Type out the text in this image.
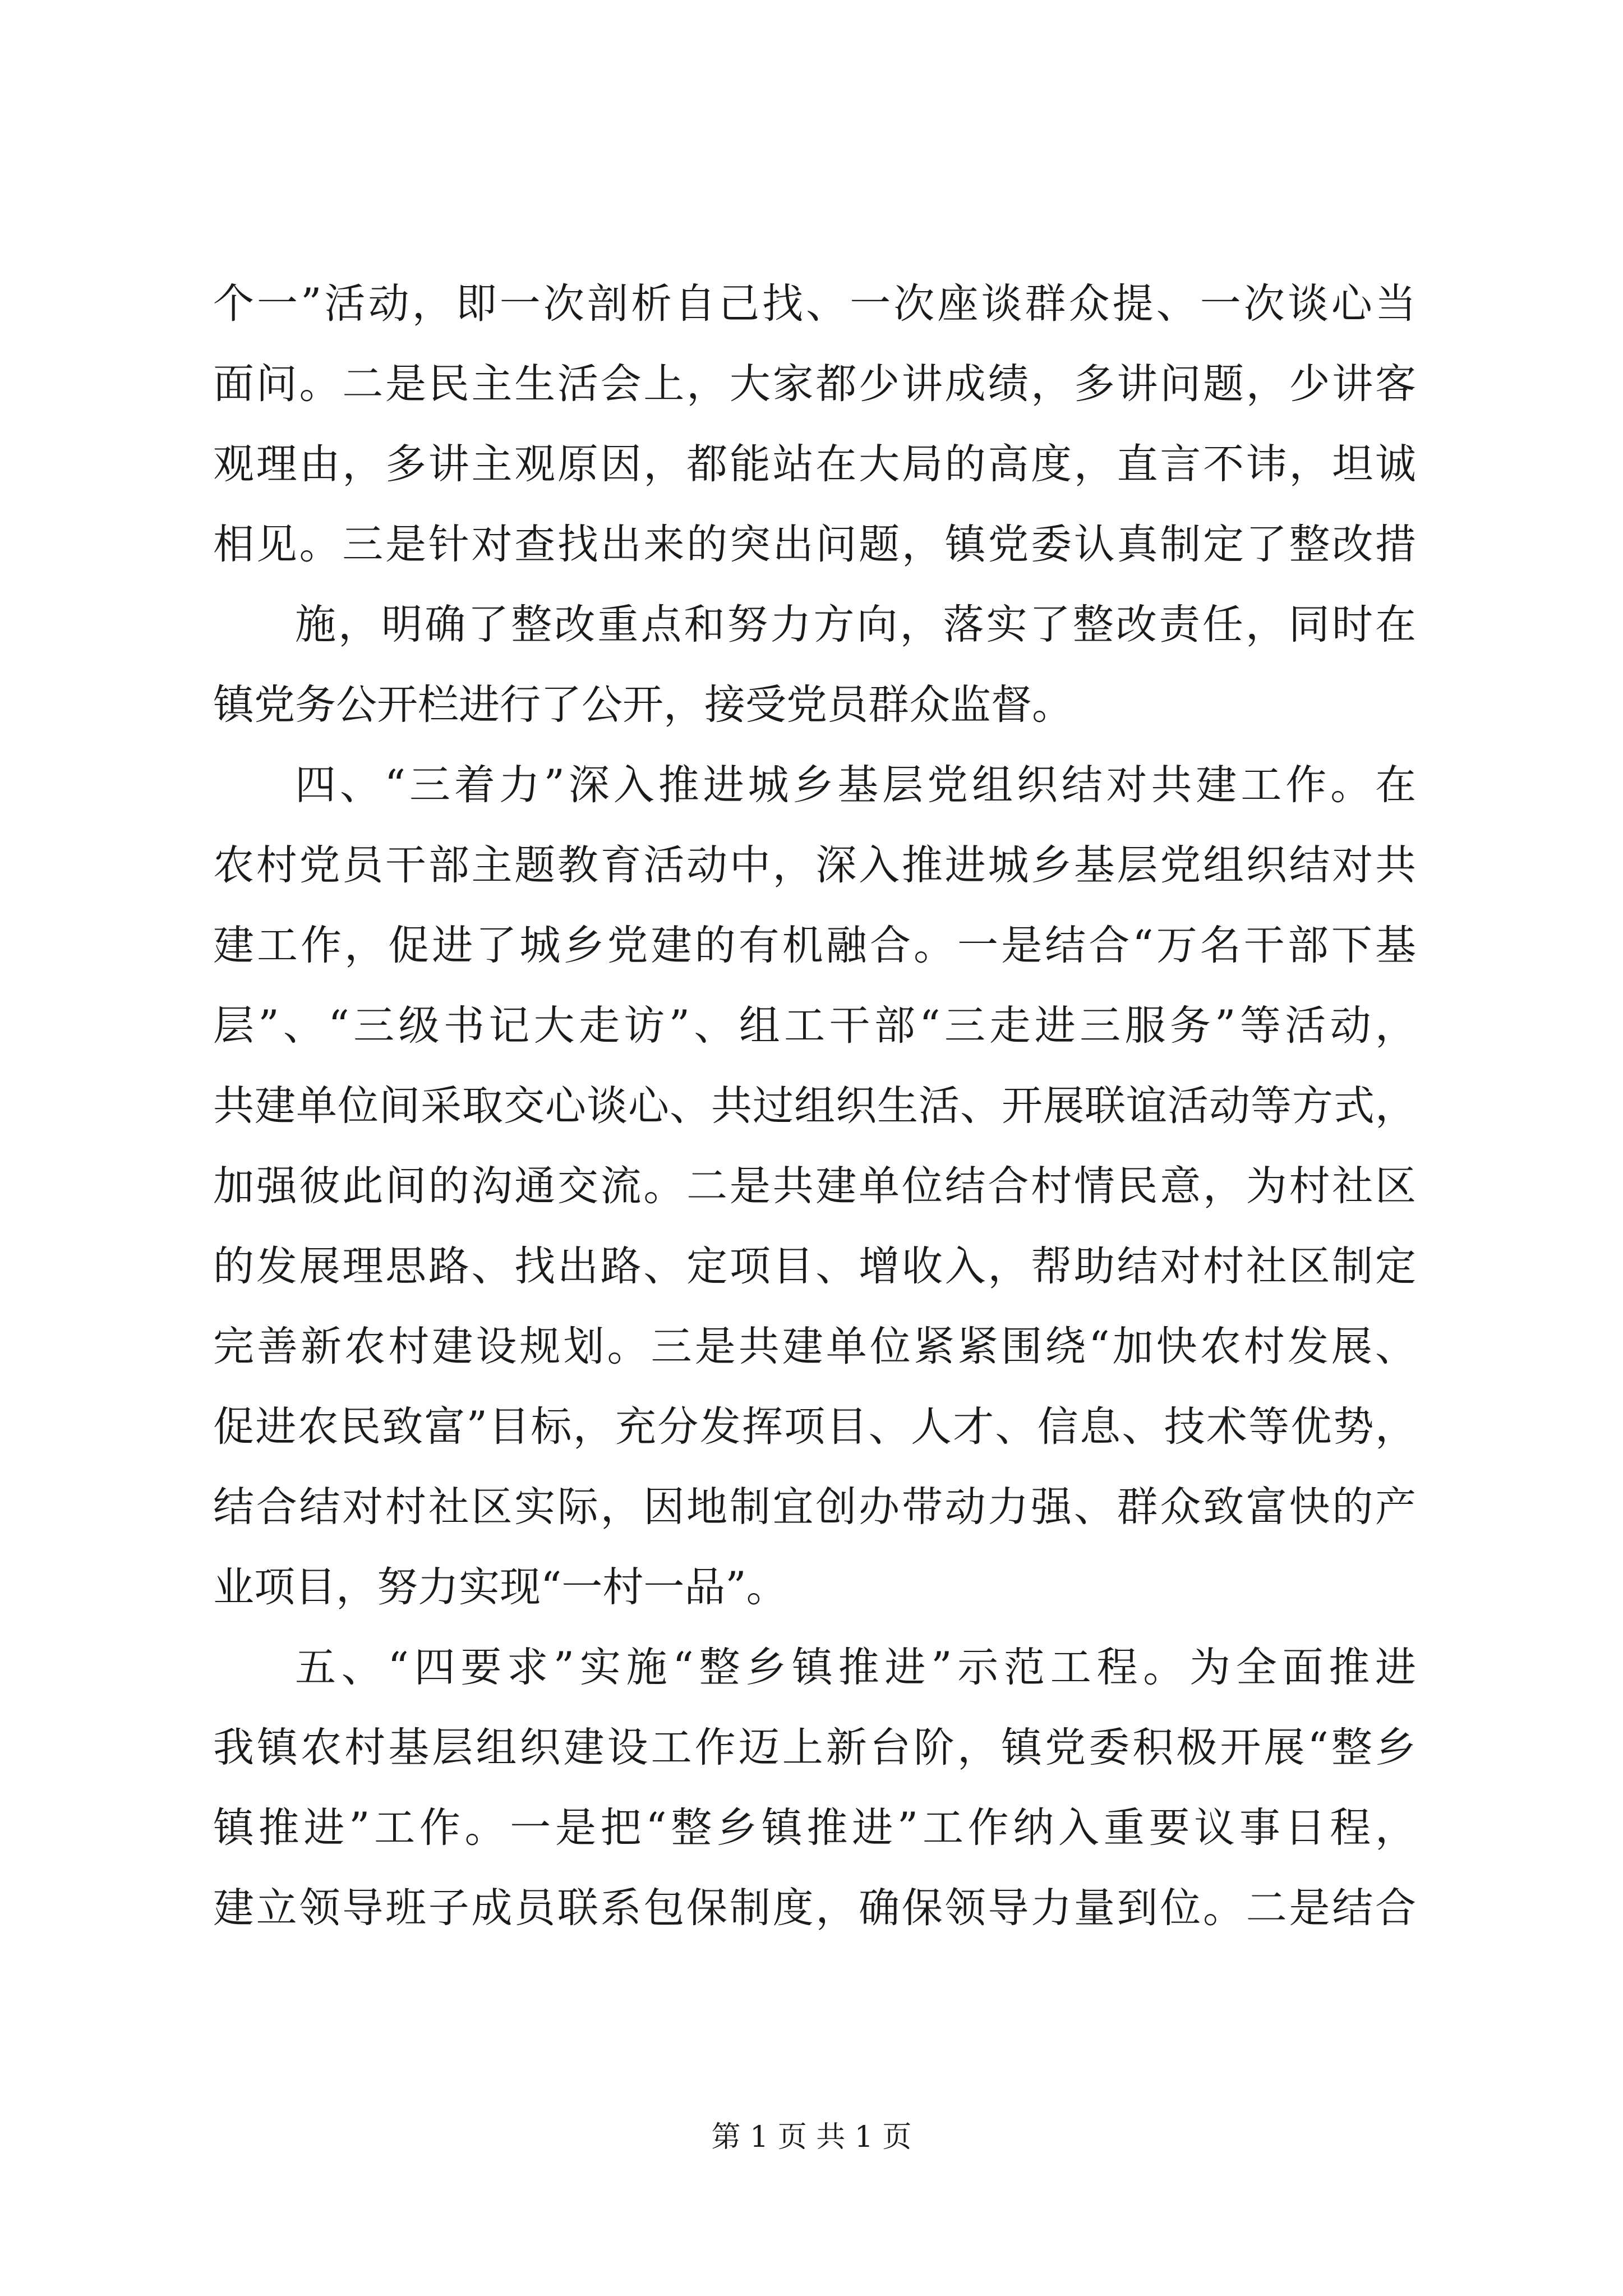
个一”活动，即一次剖析自己找、一次座谈群众提、一次谈心当
面问。二是民主生活会上，大家都少讲成绩，多讲问题，少讲客
观理由，多讲主观原因，都能站在大局的高度，直言不讳，坦诚
相见。三是针对查找出来的突出问题，镇党委认真制定了整改措
施，明确了整改重点和努力方向，落实了整改责任，同时在
镇党务公开栏进行了公开，接受党员群众监督。
四、“三着力”深入推进城乡基层党组织结对共建工作。在
农村党员干部主题教育活动中，深入推进城乡基层党组织结对共
建工作，促进了城乡党建的有机融合。一是结合“万名干部下基
层”、“三级书记大走访”、组工干部“三走进三服务”等活动，
共建单位间采取交心谈心、共过组织生活、开展联谊活动等方式，
加强彼此间的沟通交流。二是共建单位结合村情民意，为村社区
的发展理思路、找出路、定项目、增收入，帮助结对村社区制定
完善新农村建设规划。三是共建单位紧紧围绕“加快农村发展、
促进农民致富”目标，充分发挥项目、人才、信息、技术等优势，
结合结对村社区实际，因地制宜创办带动力强、群众致富快的产
业项目，努力实现“一村一品”。
五、“四要求”实施“整乡镇推进”示范工程。为全面推进
我镇农村基层组织建设工作迈上新台阶，镇党委积极开展“整乡
镇推进”工作。一是把“整乡镇推进”工作纳入重要议事日程，
建立领导班子成员联系包保制度，确保领导力量到位。二是结合
第 1 页 共 1 页
